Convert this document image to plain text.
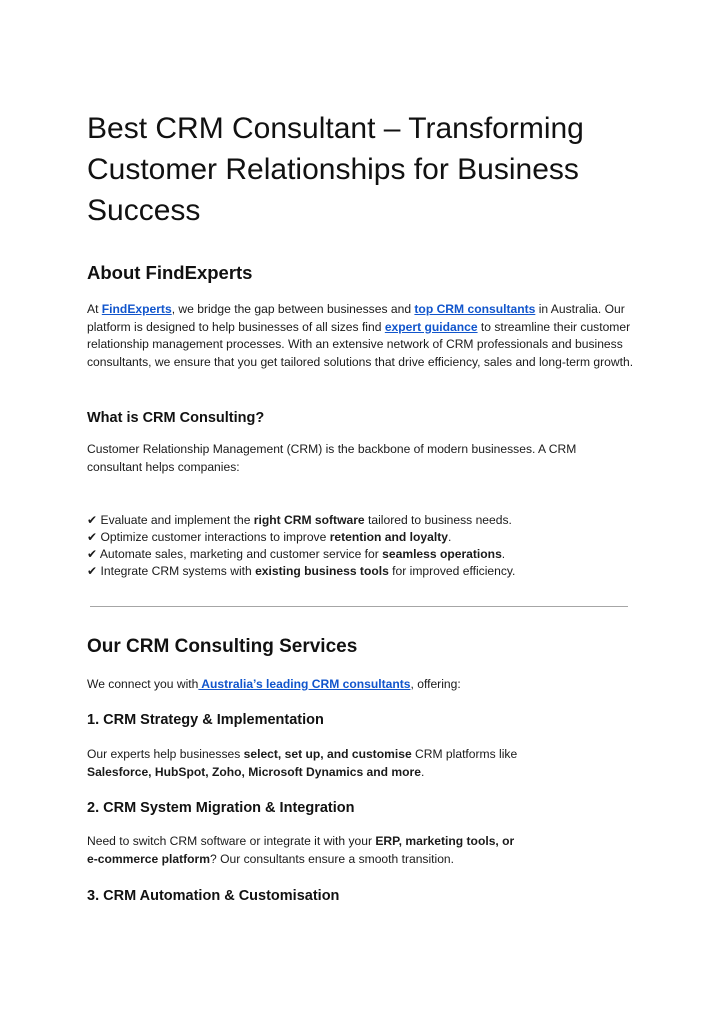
Best CRM Consultant – Transforming Customer Relationships for Business Success
About FindExperts

At FindExperts, we bridge the gap between businesses and top CRM consultants in Australia. Our platform is designed to help businesses of all sizes find expert guidance to streamline their customer relationship management processes. With an extensive network of CRM professionals and business consultants, we ensure that you get tailored solutions that drive efficiency, sales and long-term growth.

What is CRM Consulting?

Customer Relationship Management (CRM) is the backbone of modern businesses. A CRM consultant helps companies:

✔ Evaluate and implement the right CRM software tailored to business needs.
✔ Optimize customer interactions to improve retention and loyalty.
✔ Automate sales, marketing and customer service for seamless operations.
✔ Integrate CRM systems with existing business tools for improved efficiency.
Our CRM Consulting Services

We connect you with Australia’s leading CRM consultants, offering:

1. CRM Strategy & Implementation

Our experts help businesses select, set up, and customise CRM platforms like
Salesforce, HubSpot, Zoho, Microsoft Dynamics and more.

2. CRM System Migration & Integration

Need to switch CRM software or integrate it with your ERP, marketing tools, or
e-commerce platform? Our consultants ensure a smooth transition.

3. CRM Automation & Customisation
